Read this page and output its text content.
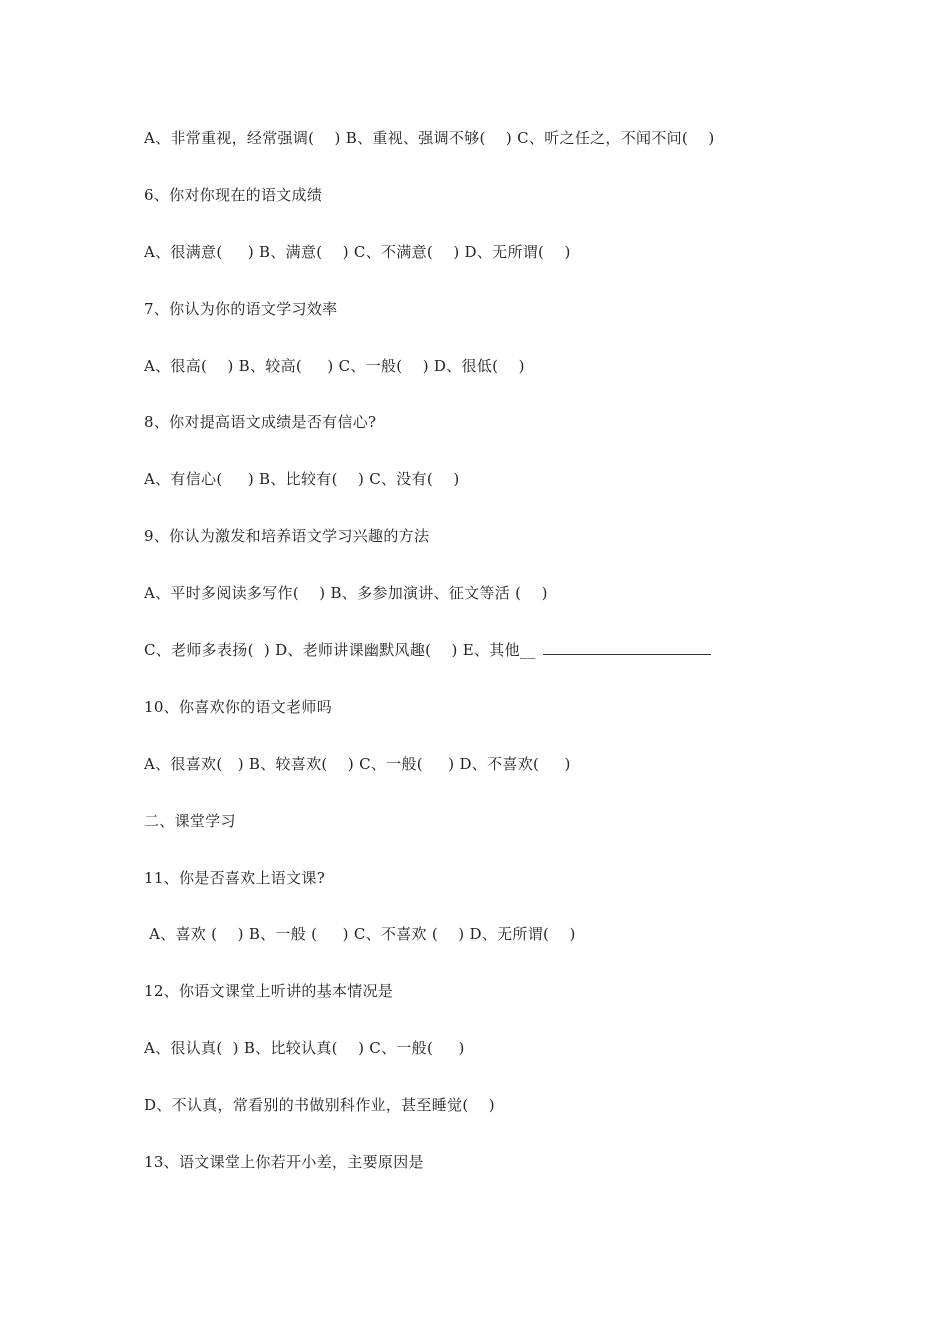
A、非常重视，经常强调(    ) B、重视、强调不够(    ) C、听之任之，不闻不问(    )
6、你对你现在的语文成绩
A、很满意(     ) B、满意(    ) C、不满意(    ) D、无所谓(    )
7、你认为你的语文学习效率
A、很高(    ) B、较高(     ) C、一般(    ) D、很低(    )
8、你对提高语文成绩是否有信心?
A、有信心(     ) B、比较有(    ) C、没有(    )
9、你认为激发和培养语文学习兴趣的方法
A、平时多阅读多写作(    ) B、多参加演讲、征文等活 (    )
C、老师多表扬(  ) D、老师讲课幽默风趣(    ) E、其他__
10、你喜欢你的语文老师吗
A、很喜欢(   ) B、较喜欢(    ) C、一般(     ) D、不喜欢(     )
二、课堂学习
11、你是否喜欢上语文课?
A、喜欢 (    ) B、一般 (     ) C、不喜欢 (    ) D、无所谓(    )
12、你语文课堂上听讲的基本情况是
A、很认真(  ) B、比较认真(    ) C、一般(     )
D、不认真，常看别的书做别科作业，甚至睡觉(    )
13、语文课堂上你若开小差，主要原因是
